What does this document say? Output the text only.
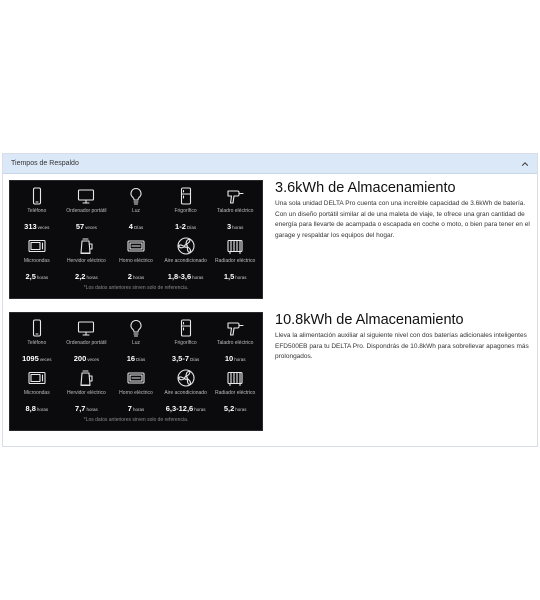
Tiempos de Respaldo
Teléfono
313veces
Ordenador portátil
57veces
Luz
4Días
Frigorífico
1-2Días
Taladro eléctrico
3horas
Microondas
2,5horas
Hervidor eléctrico
2,2horas
Horno eléctrico
2horas
Aire acondicionado
1,8-3,6horas
Radiador eléctrico
1,5horas
*Los datos anteriores sirven solo de referencia.
3.6kWh de Almacenamiento
Una sola unidad DELTA Pro cuenta con una increíble capacidad de 3.6kWh de batería. Con un diseño portátil similar al de una maleta de viaje, te ofrece una gran cantidad de energía para llevarte de acampada o escapada en coche o moto, o bien para tener en el garage y respaldar los equipos del hogar.
Teléfono
1095veces
Ordenador portátil
200veces
Luz
16Días
Frigorífico
3,5-7Días
Taladro eléctrico
10horas
Microondas
8,8horas
Hervidor eléctrico
7,7horas
Horno eléctrico
7horas
Aire acondicionado
6,3-12,6horas
Radiador eléctrico
5,2horas
*Los datos anteriores sirven solo de referencia.
10.8kWh de Almacenamiento
Lleva la alimentación auxiliar al siguiente nivel con dos baterías adicionales inteligentes EFD500EB para tu DELTA Pro. Dispondrás de 10.8kWh para sobrellevar apagones más prolongados.
